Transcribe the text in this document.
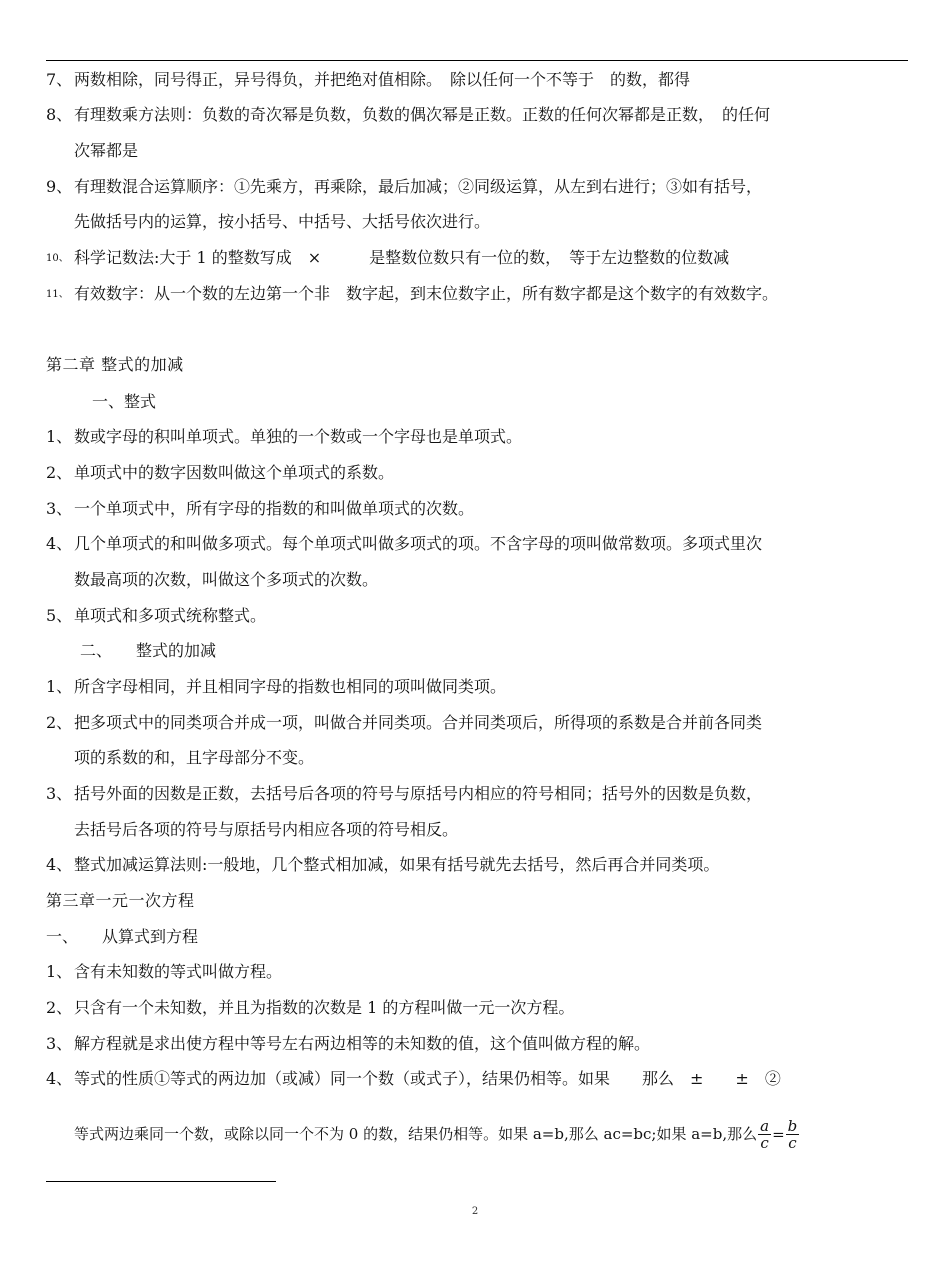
7、 两数相除，同号得正，异号得负，并把绝对值相除。　除以任何一个不等于　的数，都得
8、 有理数乘方法则：负数的奇次幂是负数，负数的偶次幂是正数。正数的任何次幂都是正数，　的任何
次幂都是
9、 有理数混合运算顺序：①先乘方，再乘除，最后加减；②同级运算，从左到右进行；③如有括号，
先做括号内的运算，按小括号、中括号、大括号依次进行。
10、 科学记数法:大于 1 的整数写成　×　　　是整数位数只有一位的数，　等于左边整数的位数减
11、 有效数字：从一个数的左边第一个非　数字起，到末位数字止，所有数字都是这个数字的有效数字。
第二章 整式的加减
一、整式
1、 数或字母的积叫单项式。单独的一个数或一个字母也是单项式。
2、 单项式中的数字因数叫做这个单项式的系数。
3、 一个单项式中，所有字母的指数的和叫做单项式的次数。
4、 几个单项式的和叫做多项式。每个单项式叫做多项式的项。不含字母的项叫做常数项。多项式里次
数最高项的次数，叫做这个多项式的次数。
5、 单项式和多项式统称整式。
二、　　整式的加减
1、 所含字母相同，并且相同字母的指数也相同的项叫做同类项。
2、 把多项式中的同类项合并成一项，叫做合并同类项。合并同类项后，所得项的系数是合并前各同类
项的系数的和，且字母部分不变。
3、 括号外面的因数是正数，去括号后各项的符号与原括号内相应的符号相同；括号外的因数是负数，
去括号后各项的符号与原括号内相应各项的符号相反。
4、 整式加减运算法则:一般地，几个整式相加减，如果有括号就先去括号，然后再合并同类项。
第三章一元一次方程
一、　　从算式到方程
1、 含有未知数的等式叫做方程。
2、 只含有一个未知数，并且为指数的次数是 1 的方程叫做一元一次方程。
3、 解方程就是求出使方程中等号左右两边相等的未知数的值，这个值叫做方程的解。
4、 等式的性质①等式的两边加（或减）同一个数（或式子），结果仍相等。如果　　那么　±　　±　②
等式两边乘同一个数，或除以同一个不为 0 的数，结果仍相等。如果 a=b,那么 ac=bc;如果 a=b,那么 $\frac{a}{c} = \frac{b}{c}$
2
